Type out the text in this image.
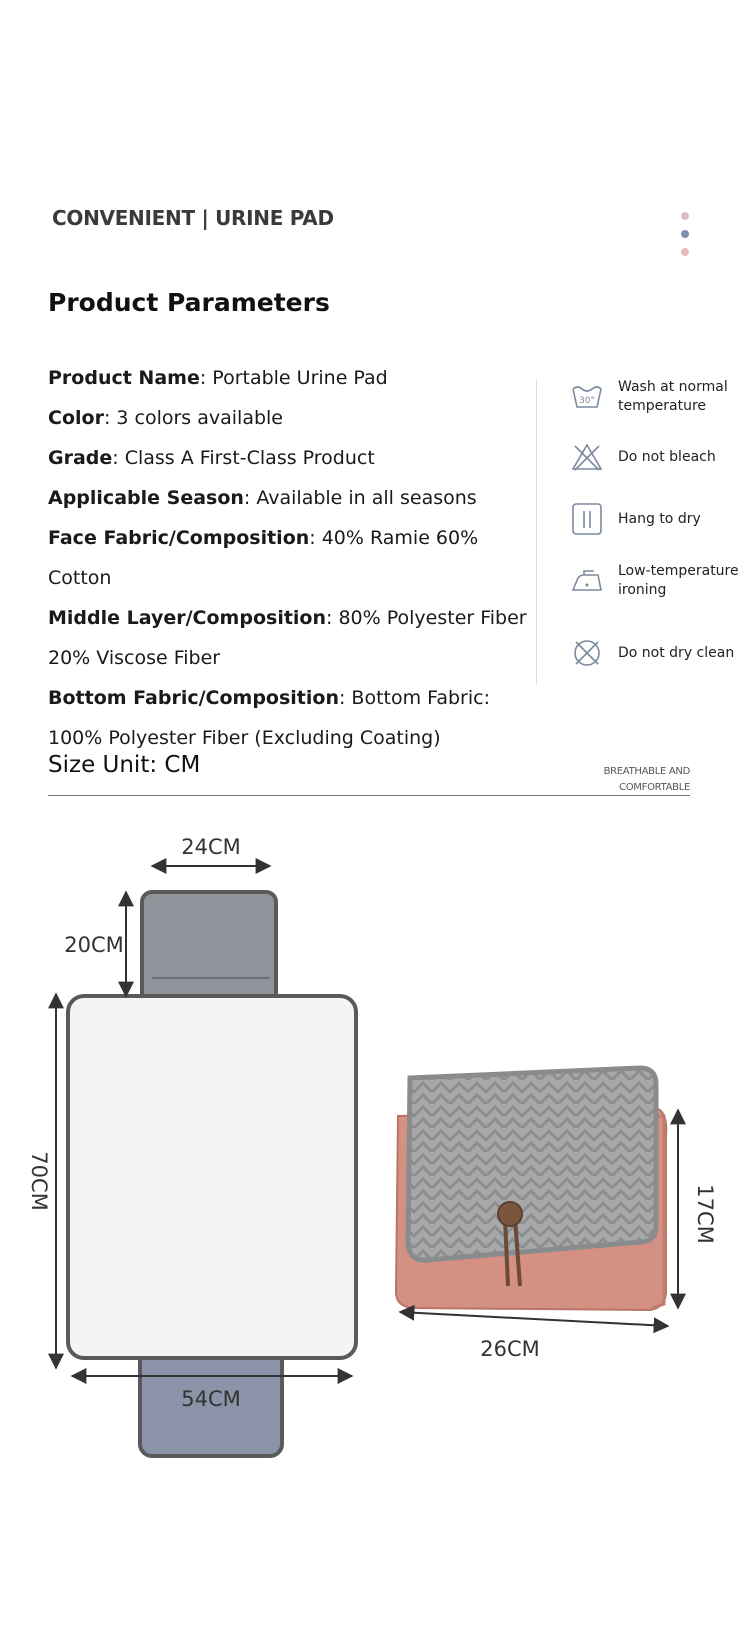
CONVENIENT | URINE PAD
Product Parameters
Product Name: Portable Urine Pad
Color: 3 colors available
Grade: Class A First-Class Product
Applicable Season: Available in all seasons
Face Fabric/Composition: 40% Ramie 60% Cotton
Middle Layer/Composition: 80% Polyester Fiber 20% Viscose Fiber
Bottom Fabric/Composition: Bottom Fabric: 100% Polyester Fiber (Excluding Coating)
30°
Wash at normal temperature
Do not bleach
Hang to dry
Low-temperature ironing
Do not dry clean
Size Unit: CM	BREATHABLE AND
COMFORTABLE
24CM
20CM
70CM
54CM
17CM
26CM
